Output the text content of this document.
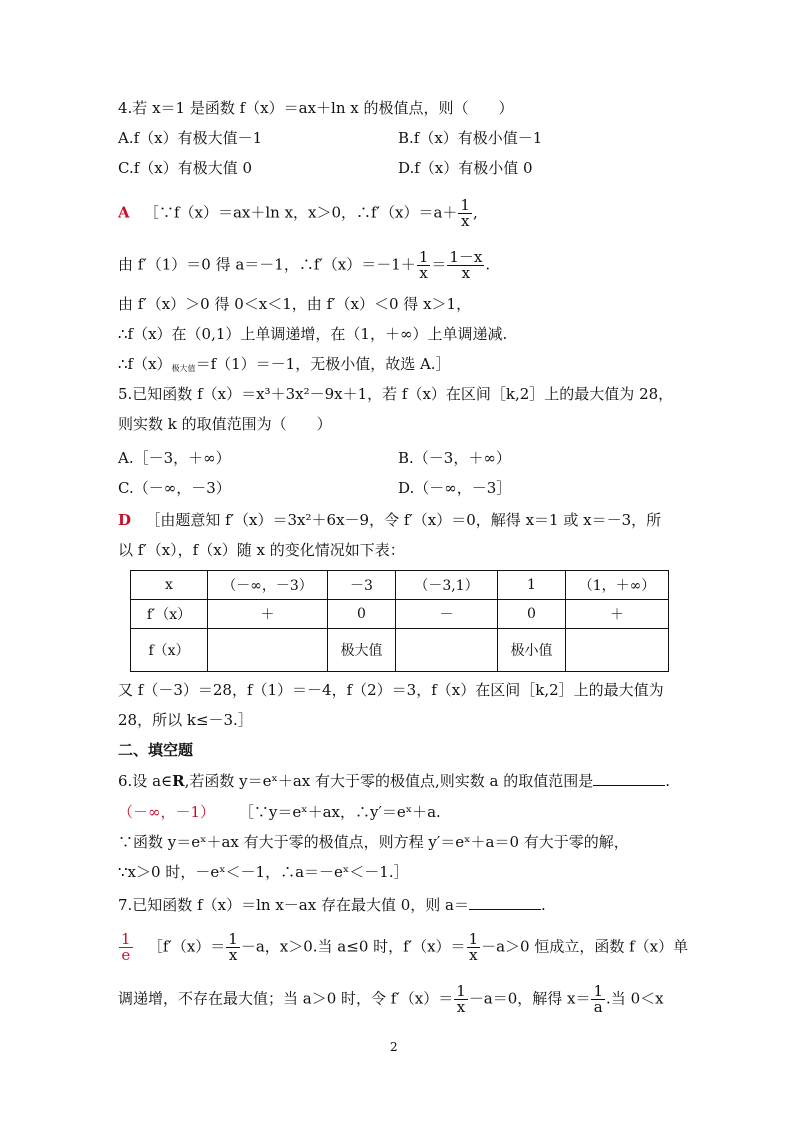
4.若 x＝1 是函数 f（x）＝ax＋ln x 的极值点，则（　　）
A.f（x）有极大值－1	B.f（x）有极小值－1
C.f（x）有极大值 0	D.f（x）有极小值 0
A ［∵f（x）＝ax＋ln x，x＞0，∴f′（x）＝a＋ $\frac{1}{x}$ ,
由 f′（1）＝0 得 a＝－1，∴f′（x）＝－1＋ $\frac{1}{x} = \frac{1-x}{x}$ .
由 f′（x）＞0 得 0＜x＜1，由 f′（x）＜0 得 x＞1，
∴f（x）在（0,1）上单调递增，在（1，＋∞）上单调递减.
$\therefore f(x)_{极大值}=f(1)=-1$，无极小值，故选 A.］
5.已知函数 f（x）＝x³＋3x²－9x＋1，若 f（x）在区间［k,2］上的最大值为 28，
则实数 k 的取值范围为（　　）
A.［－3，＋∞）	B.（－3，＋∞）
C.（－∞，－3）	D.（－∞，－3］
D ［由题意知 f′（x）＝3x²＋6x－9，令 f′（x）＝0，解得 x＝1 或 x＝－3，所
以 f′（x），f（x）随 x 的变化情况如下表：
x	（－∞，－3）	－3	（－3,1）	1	（1，＋∞）
f′（x）	＋	0	－	0	＋
f（x）		极大值		极小值	
又 f（－3）＝28，f（1）＝－4，f（2）＝3，f（x）在区间［k,2］上的最大值为
28，所以 k≤－3.］
二、填空题
6.设 a∈R,若函数 y＝eˣ＋ax 有大于零的极值点,则实数 a 的取值范围是	.
（－∞，－1） ［∵y＝eˣ＋ax，∴y′＝eˣ＋a.
∵函数 y＝eˣ＋ax 有大于零的极值点，则方程 y′＝eˣ＋a＝0 有大于零的解，
∵x＞0 时，－eˣ＜－1，∴a＝－eˣ＜－1.］
7.已知函数 f（x）＝ln x－ax 存在最大值 0，则 a＝	.
$\frac{1}{e}$ ［f′（x）＝ $\frac{1}{x} -a$，x＞0.当 a≤0 时，$f'(x)= \frac{1}{x} -a>0$ 恒成立，函数 f（x）单
调递增，不存在最大值；当 a＞0 时，令 $f'(x)= \frac{1}{x} -a=0$，解得 $x= \frac{1}{a}$ .当 0＜x
2
